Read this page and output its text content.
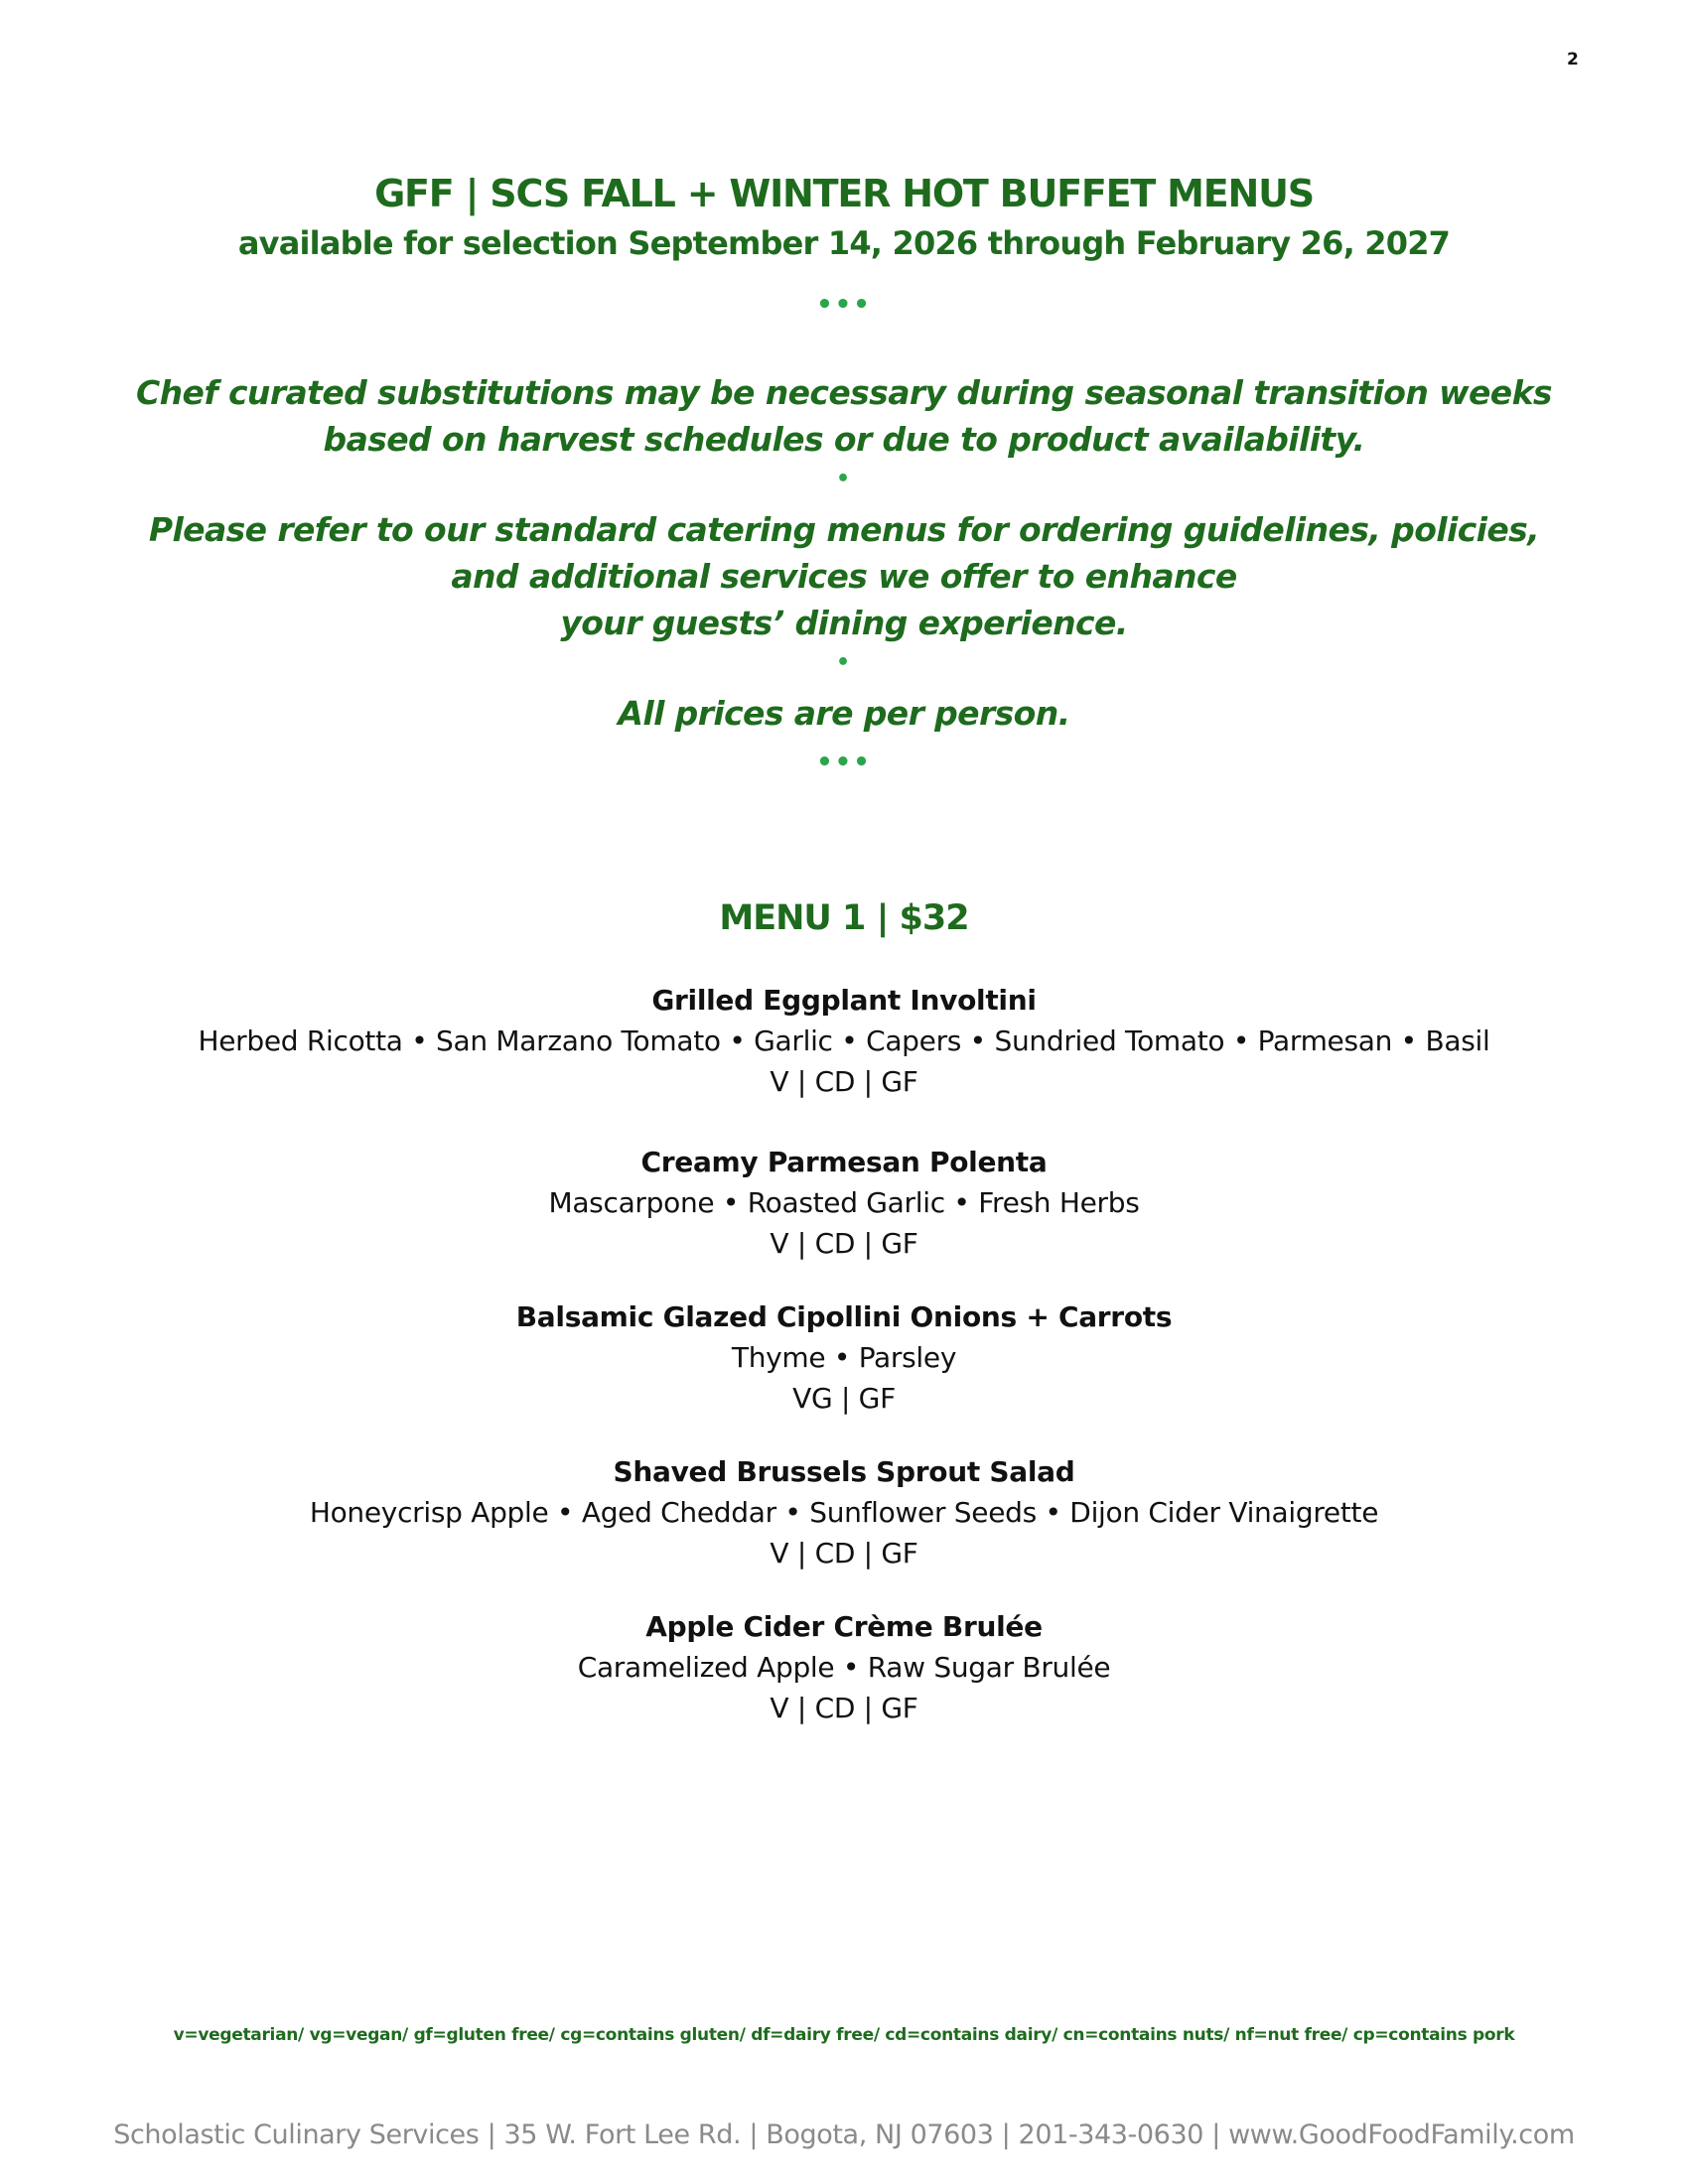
2
GFF | SCS FALL + WINTER HOT BUFFET MENUS
available for selection September 14, 2026 through February 26, 2027
•••
Chef curated substitutions may be necessary during seasonal transition weeks
based on harvest schedules or due to product availability.
•
Please refer to our standard catering menus for ordering guidelines, policies,
and additional services we offer to enhance
your guests’ dining experience.
•
All prices are per person.
•••
MENU 1 | $32
Grilled Eggplant Involtini
Herbed Ricotta • San Marzano Tomato • Garlic • Capers • Sundried Tomato • Parmesan • Basil
V | CD | GF
Creamy Parmesan Polenta
Mascarpone • Roasted Garlic • Fresh Herbs
V | CD | GF
Balsamic Glazed Cipollini Onions + Carrots
Thyme • Parsley
VG | GF
Shaved Brussels Sprout Salad
Honeycrisp Apple • Aged Cheddar • Sunflower Seeds • Dijon Cider Vinaigrette
V | CD | GF
Apple Cider Crème Brulée
Caramelized Apple • Raw Sugar Brulée
V | CD | GF
v=vegetarian/ vg=vegan/ gf=gluten free/ cg=contains gluten/ df=dairy free/ cd=contains dairy/ cn=contains nuts/ nf=nut free/ cp=contains pork
Scholastic Culinary Services | 35 W. Fort Lee Rd. | Bogota, NJ 07603 | 201-343-0630 | www.GoodFoodFamily.com
